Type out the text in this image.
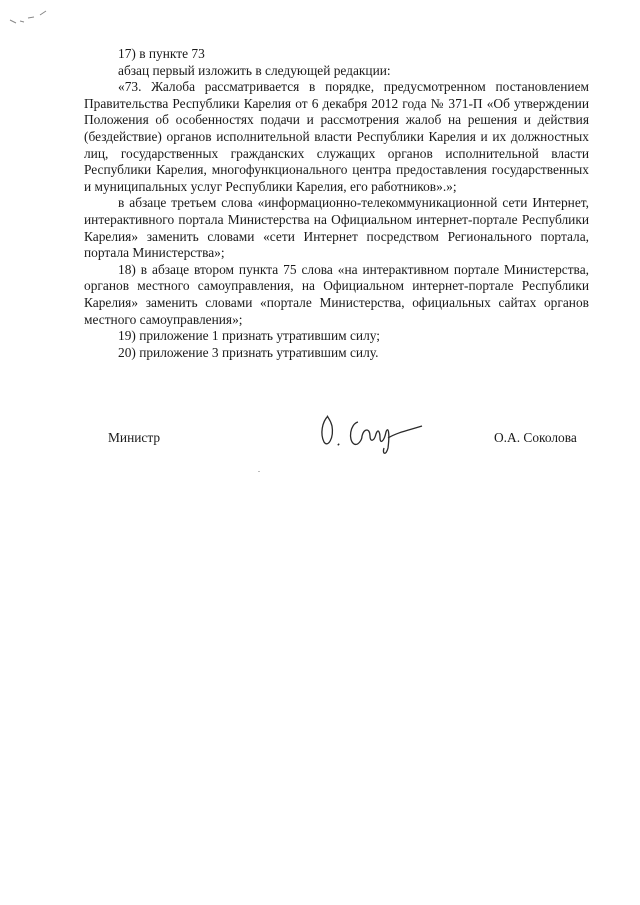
17) в пункте 73

абзац первый изложить в следующей редакции:

«73. Жалоба рассматривается в порядке, предусмотренном постановлением Правительства Республики Карелия от 6 декабря 2012 года № 371-П «Об утверждении Положения об особенностях подачи и рассмотрения жалоб на решения и действия (бездействие) органов исполнительной власти Республики Карелия и их должностных лиц, государственных гражданских служащих органов исполнительной власти Республики Карелия, многофункционального центра предоставления государственных и муниципальных услуг Республики Карелия, его работников».»;

в абзаце третьем слова «информационно-телекоммуникационной сети Интернет, интерактивного портала Министерства на Официальном интернет-портале Республики Карелия» заменить словами «сети Интернет посредством Регионального портала, портала Министерства»;

18) в абзаце втором пункта 75 слова «на интерактивном портале Министерства, органов местного самоуправления, на Официальном интернет-портале Республики Карелия» заменить словами «портале Министерства, официальных сайтах органов местного самоуправления»;

19) приложение 1 признать утратившим силу;

20) приложение 3 признать утратившим силу.

Министр	О.А. Соколова
